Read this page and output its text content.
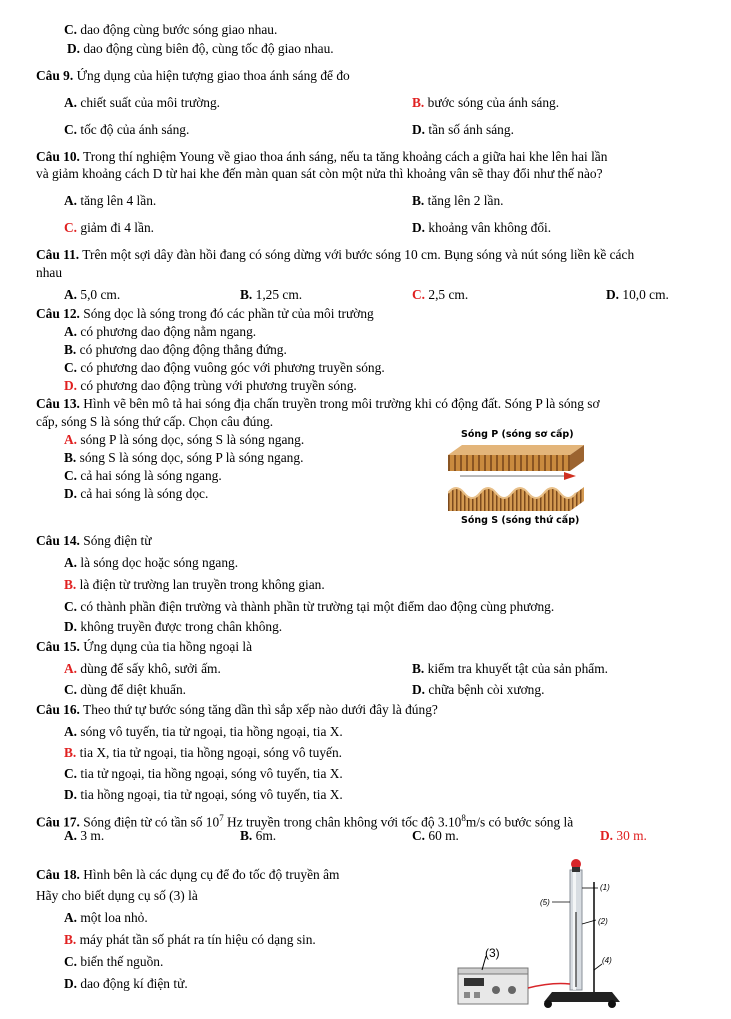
C. dao động cùng bước sóng giao nhau.
D. dao động cùng biên độ, cùng tốc độ giao nhau.
Câu 9. Ứng dụng của hiện tượng giao thoa ánh sáng để đo
A. chiết suất của môi trường.	B. bước sóng của ánh sáng.
C. tốc độ của ánh sáng.	D. tần số ánh sáng.
Câu 10. Trong thí nghiệm Young về giao thoa ánh sáng, nếu ta tăng khoảng cách a giữa hai khe lên hai lần
và giảm khoảng cách D từ hai khe đến màn quan sát còn một nửa thì khoảng vân sẽ thay đổi như thế nào?
A. tăng lên 4 lần.	B. tăng lên 2 lần.
C. giảm đi 4 lần.	D. khoảng vân không đổi.
Câu 11. Trên một sợi dây đàn hồi đang có sóng dừng với bước sóng 10 cm. Bụng sóng và nút sóng liền kề cách
nhau
A. 5,0 cm.	B. 1,25 cm.	C. 2,5 cm.	D. 10,0 cm.
Câu 12. Sóng dọc là sóng trong đó các phần tử của môi trường
A. có phương dao động nằm ngang.
B. có phương dao động động thẳng đứng.
C. có phương dao động vuông góc với phương truyền sóng.
D. có phương dao động trùng với phương truyền sóng.
Câu 13. Hình vẽ bên mô tả hai sóng địa chấn truyền trong môi trường khi có động đất. Sóng P là sóng sơ
cấp, sóng S là sóng thứ cấp. Chọn câu đúng.
A. sóng P là sóng dọc, sóng S là sóng ngang.
B. sóng S là sóng dọc, sóng P là sóng ngang.
C. cả hai sóng là sóng ngang.
D. cả hai sóng là sóng dọc.
Sóng P (sóng sơ cấp)
Sóng S (sóng thứ cấp)
Câu 14. Sóng điện từ
A. là sóng dọc hoặc sóng ngang.
B. là điện từ trường lan truyền trong không gian.
C. có thành phần điện trường và thành phần từ trường tại một điểm dao động cùng phương.
D. không truyền được trong chân không.
Câu 15. Ứng dụng của tia hồng ngoại là
A. dùng để sấy khô, sưởi ấm.	B. kiểm tra khuyết tật của sản phẩm.
C. dùng để diệt khuẩn.	D. chữa bệnh còi xương.
Câu 16. Theo thứ tự bước sóng tăng dần thì sắp xếp nào dưới đây là đúng?
A. sóng vô tuyến, tia tử ngoại, tia hồng ngoại, tia X.
B. tia X, tia tử ngoại, tia hồng ngoại, sóng vô tuyến.
C. tia tử ngoại, tia hồng ngoại, sóng vô tuyến, tia X.
D. tia hồng ngoại, tia tử ngoại, sóng vô tuyến, tia X.
Câu 17. Sóng điện từ có tần số $10^7$ Hz truyền trong chân không với tốc độ 3.10$^8$m/s có bước sóng là
A. 3 m.	B. 6m.	C. 60 m.	D. 30 m.
Câu 18. Hình bên là các dụng cụ để đo tốc độ truyền âm
Hãy cho biết dụng cụ số (3) là
A. một loa nhỏ.
B. máy phát tần số phát ra tín hiệu có dạng sin.
C. biến thế nguồn.
D. dao động kí điện tử.
(1)
(2)
(3)
(4)
(5)
